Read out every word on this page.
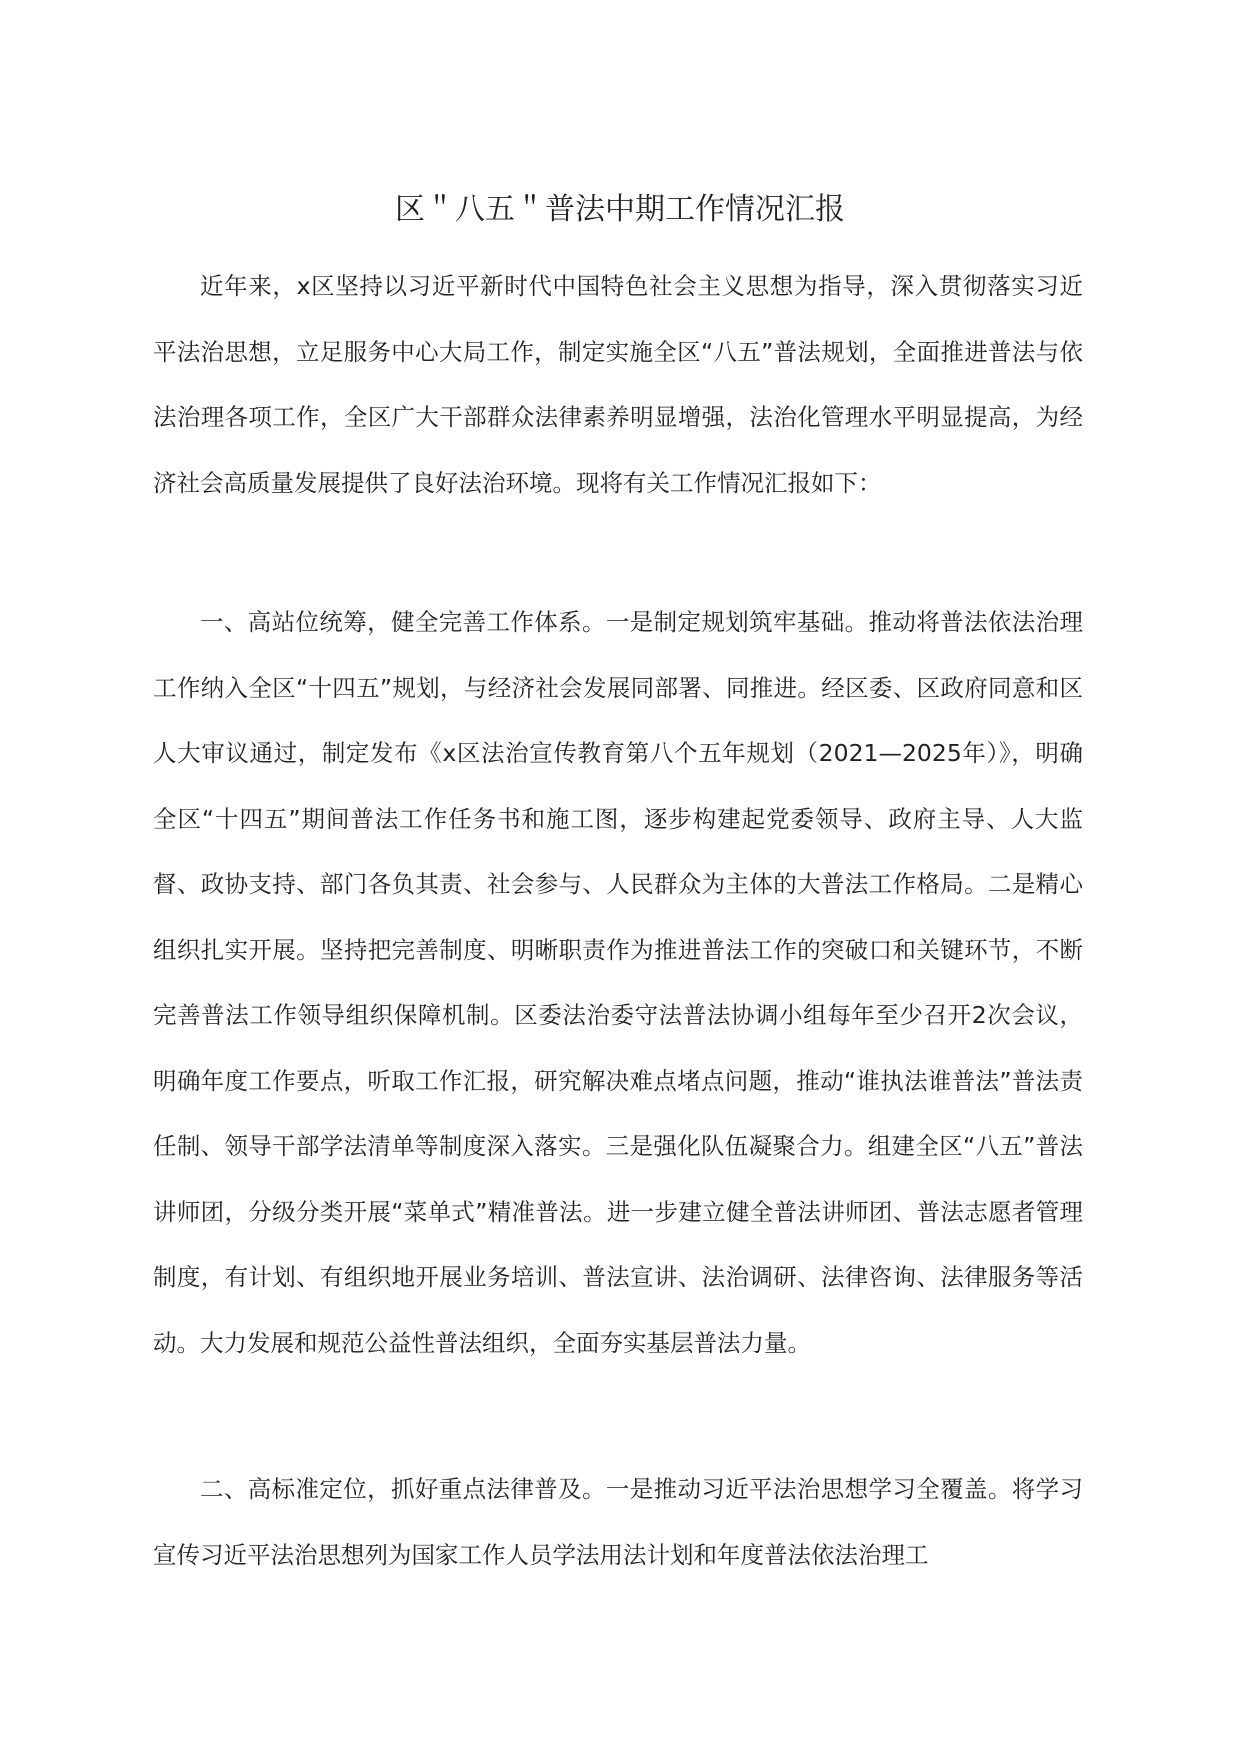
区＂八五＂普法中期工作情况汇报

近年来，x区坚持以习近平新时代中国特色社会主义思想为指导，深入贯彻落实习近平法治思想，立足服务中心大局工作，制定实施全区“八五”普法规划，全面推进普法与依法治理各项工作，全区广大干部群众法律素养明显增强，法治化管理水平明显提高，为经济社会高质量发展提供了良好法治环境。现将有关工作情况汇报如下：

一、高站位统筹，健全完善工作体系。一是制定规划筑牢基础。推动将普法依法治理工作纳入全区“十四五”规划，与经济社会发展同部署、同推进。经区委、区政府同意和区人大审议通过，制定发布《x区法治宣传教育第八个五年规划（2021—2025年）》，明确全区“十四五”期间普法工作任务书和施工图，逐步构建起党委领导、政府主导、人大监督、政协支持、部门各负其责、社会参与、人民群众为主体的大普法工作格局。二是精心组织扎实开展。坚持把完善制度、明晰职责作为推进普法工作的突破口和关键环节，不断完善普法工作领导组织保障机制。区委法治委守法普法协调小组每年至少召开2次会议，明确年度工作要点，听取工作汇报，研究解决难点堵点问题，推动“谁执法谁普法”普法责任制、领导干部学法清单等制度深入落实。三是强化队伍凝聚合力。组建全区“八五”普法讲师团，分级分类开展“菜单式”精准普法。进一步建立健全普法讲师团、普法志愿者管理制度，有计划、有组织地开展业务培训、普法宣讲、法治调研、法律咨询、法律服务等活动。大力发展和规范公益性普法组织，全面夯实基层普法力量。

二、高标准定位，抓好重点法律普及。一是推动习近平法治思想学习全覆盖。将学习宣传习近平法治思想列为国家工作人员学法用法计划和年度普法依法治理工
